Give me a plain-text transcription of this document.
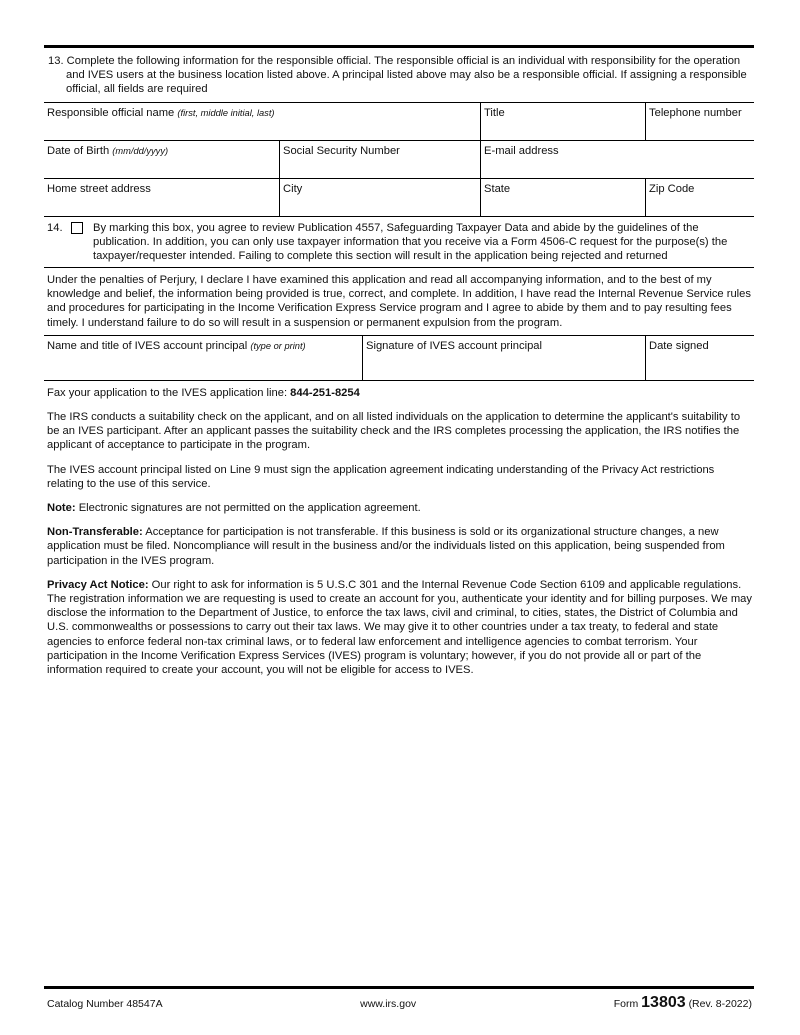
13. Complete the following information for the responsible official. The responsible official is an individual with responsibility for the operation and IVES users at the business location listed above. A principal listed above may also be a responsible official. If assigning a responsible official, all fields are required
Responsible official name (first, middle initial, last)	Title	Telephone number
Date of Birth (mm/dd/yyyy)	Social Security Number	E-mail address
Home street address	City	State	Zip Code
14.	By marking this box, you agree to review Publication 4557, Safeguarding Taxpayer Data and abide by the guidelines of the publication. In addition, you can only use taxpayer information that you receive via a Form 4506-C request for the purpose(s) the taxpayer/requester intended. Failing to complete this section will result in the application being rejected and returned
Under the penalties of Perjury, I declare I have examined this application and read all accompanying information, and to the best of my knowledge and belief, the information being provided is true, correct, and complete. In addition, I have read the Internal Revenue Service rules and procedures for participating in the Income Verification Express Service program and I agree to abide by them and to pay resulting fees timely. I understand failure to do so will result in a suspension or permanent expulsion from the program.
Name and title of IVES account principal (type or print)	Signature of IVES account principal	Date signed

Fax your application to the IVES application line: 844-251-8254

The IRS conducts a suitability check on the applicant, and on all listed individuals on the application to determine the applicant's suitability to be an IVES participant. After an applicant passes the suitability check and the IRS completes processing the application, the IRS notifies the applicant of acceptance to participate in the program.

The IVES account principal listed on Line 9 must sign the application agreement indicating understanding of the Privacy Act restrictions relating to the use of this service.

Note: Electronic signatures are not permitted on the application agreement.

Non-Transferable: Acceptance for participation is not transferable. If this business is sold or its organizational structure changes, a new application must be filed. Noncompliance will result in the business and/or the individuals listed on this application, being suspended from participation in the IVES program.

Privacy Act Notice: Our right to ask for information is 5 U.S.C 301 and the Internal Revenue Code Section 6109 and applicable regulations. The registration information we are requesting is used to create an account for you, authenticate your identity and for billing purposes. We may disclose the information to the Department of Justice, to enforce the tax laws, civil and criminal, to cities, states, the District of Columbia and U.S. commonwealths or possessions to carry out their tax laws. We may give it to other countries under a tax treaty, to federal and state agencies to enforce federal non-tax criminal laws, or to federal law enforcement and intelligence agencies to combat terrorism. Your participation in the Income Verification Express Services (IVES) program is voluntary; however, if you do not provide all or part of the information required to create your account, you will not be eligible for access to IVES.

Catalog Number 48547A	www.irs.gov	Form 13803 (Rev. 8-2022)
